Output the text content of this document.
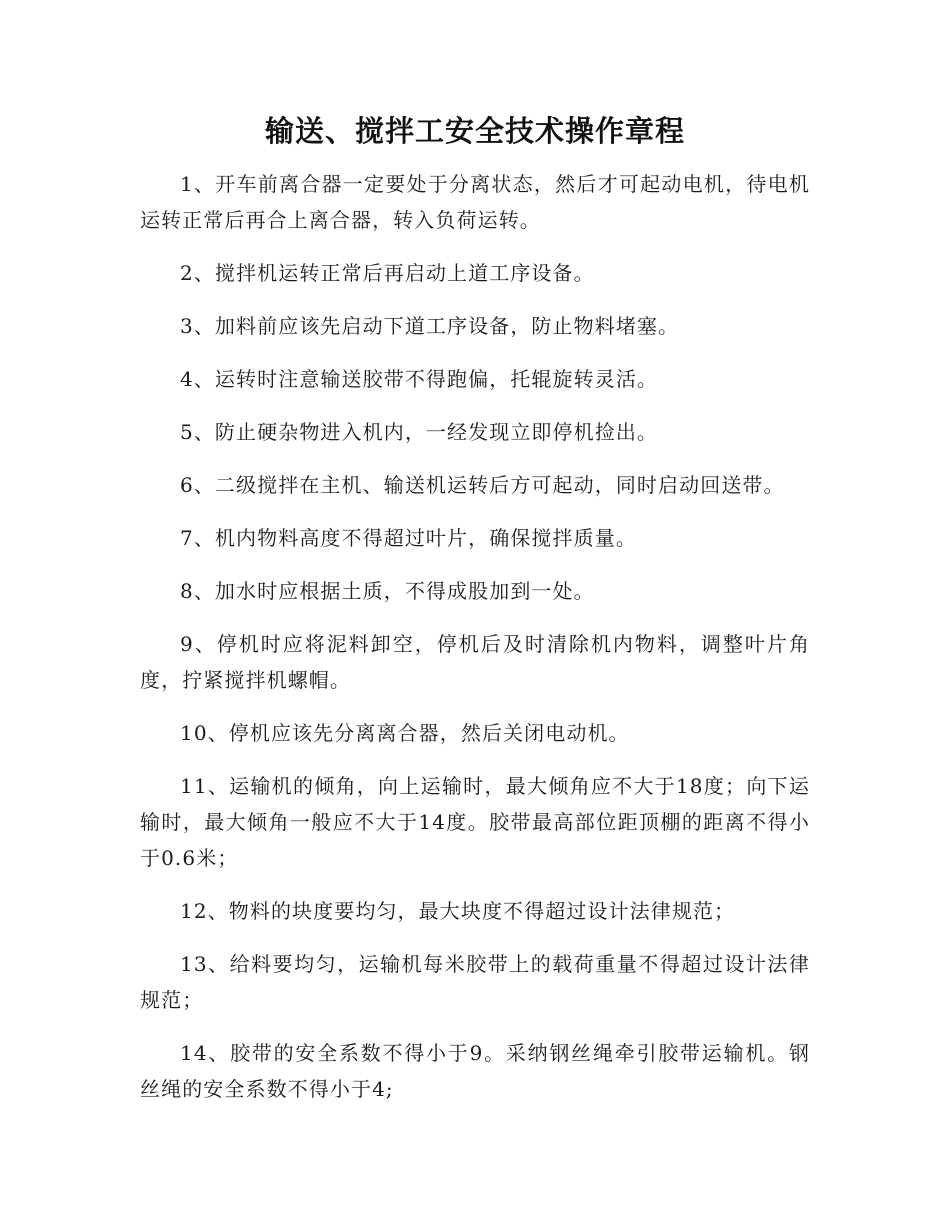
输送、搅拌工安全技术操作章程

1、开车前离合器一定要处于分离状态，然后才可起动电机，待电机运转正常后再合上离合器，转入负荷运转。

2、搅拌机运转正常后再启动上道工序设备。

3、加料前应该先启动下道工序设备，防止物料堵塞。

4、运转时注意输送胶带不得跑偏，托辊旋转灵活。

5、防止硬杂物进入机内，一经发现立即停机捡出。

6、二级搅拌在主机、输送机运转后方可起动，同时启动回送带。

7、机内物料高度不得超过叶片，确保搅拌质量。

8、加水时应根据土质，不得成股加到一处。

9、停机时应将泥料卸空，停机后及时清除机内物料，调整叶片角度，拧紧搅拌机螺帽。

10、停机应该先分离离合器，然后关闭电动机。

11、运输机的倾角，向上运输时，最大倾角应不大于18度；向下运输时，最大倾角一般应不大于14度。胶带最高部位距顶棚的距离不得小于0.6米；

12、物料的块度要均匀，最大块度不得超过设计法律规范；

13、给料要均匀，运输机每米胶带上的载荷重量不得超过设计法律规范；

14、胶带的安全系数不得小于9。采纳钢丝绳牵引胶带运输机。钢丝绳的安全系数不得小于4;
